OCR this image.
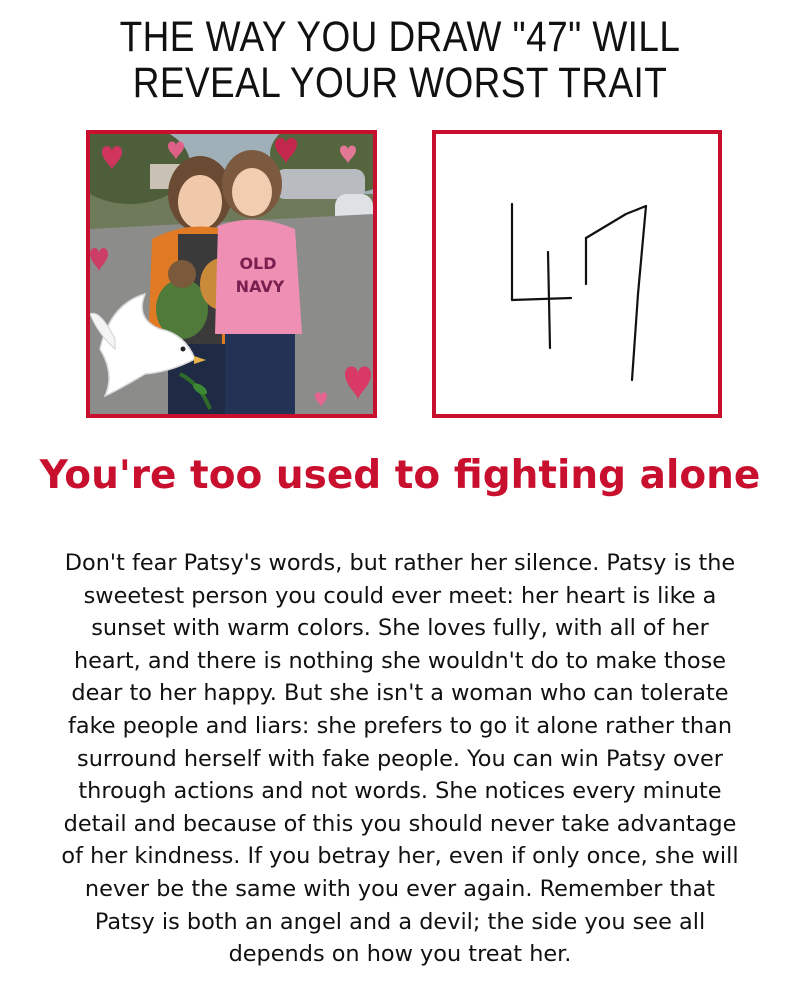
THE WAY YOU DRAW "47" WILL
REVEAL YOUR WORST TRAIT
OLD
NAVY
You're too used to fighting alone
Don't fear Patsy's words, but rather her silence. Patsy is the
sweetest person you could ever meet: her heart is like a
sunset with warm colors. She loves fully, with all of her
heart, and there is nothing she wouldn't do to make those
dear to her happy. But she isn't a woman who can tolerate
fake people and liars: she prefers to go it alone rather than
surround herself with fake people. You can win Patsy over
through actions and not words. She notices every minute
detail and because of this you should never take advantage
of her kindness. If you betray her, even if only once, she will
never be the same with you ever again. Remember that
Patsy is both an angel and a devil; the side you see all
depends on how you treat her.
